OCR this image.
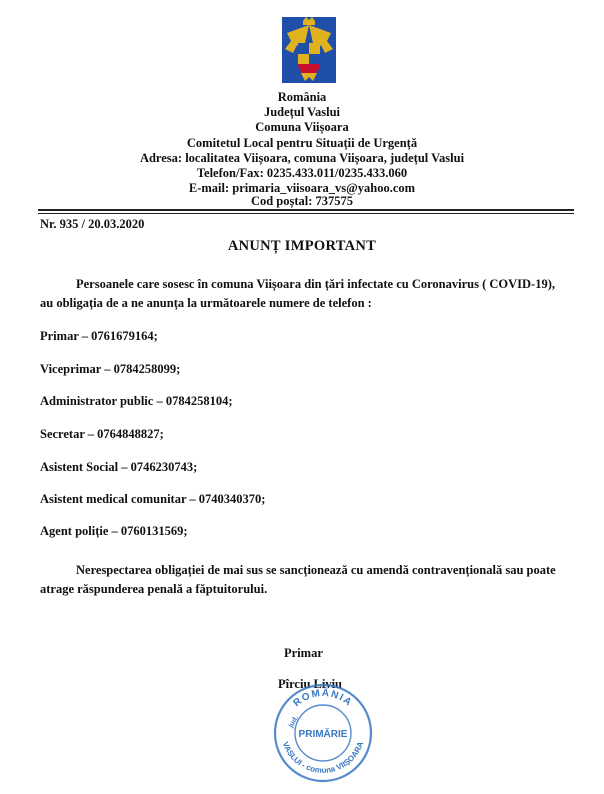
România
Județul Vaslui
Comuna Viișoara
Comitetul Local pentru Situații de Urgență
Adresa: localitatea Viișoara, comuna Viișoara, județul Vaslui
Telefon/Fax: 0235.433.011/0235.433.060
E-mail: primaria_viisoara_vs@yahoo.com
Cod poștal: 737575
Nr. 935 / 20.03.2020
ANUNȚ IMPORTANT
Persoanele care sosesc în comuna Viișoara din țări infectate cu Coronavirus ( COVID-19),
au obligația de a ne anunța la următoarele numere de telefon :
Primar – 0761679164;
Viceprimar – 0784258099;
Administrator public – 0784258104;
Secretar – 0764848827;
Asistent Social – 0746230743;
Asistent medical comunitar – 0740340370;
Agent poliție – 0760131569;
Nerespectarea obligației de mai sus se sancționează cu amendă contravențională sau poate
atrage răspunderea penală a făptuitorului.
Primar
Pîrciu Liviu
ROMÂNIA
VASLUI - comuna VIIȘOARA
jud.
PRIMĂRIE
